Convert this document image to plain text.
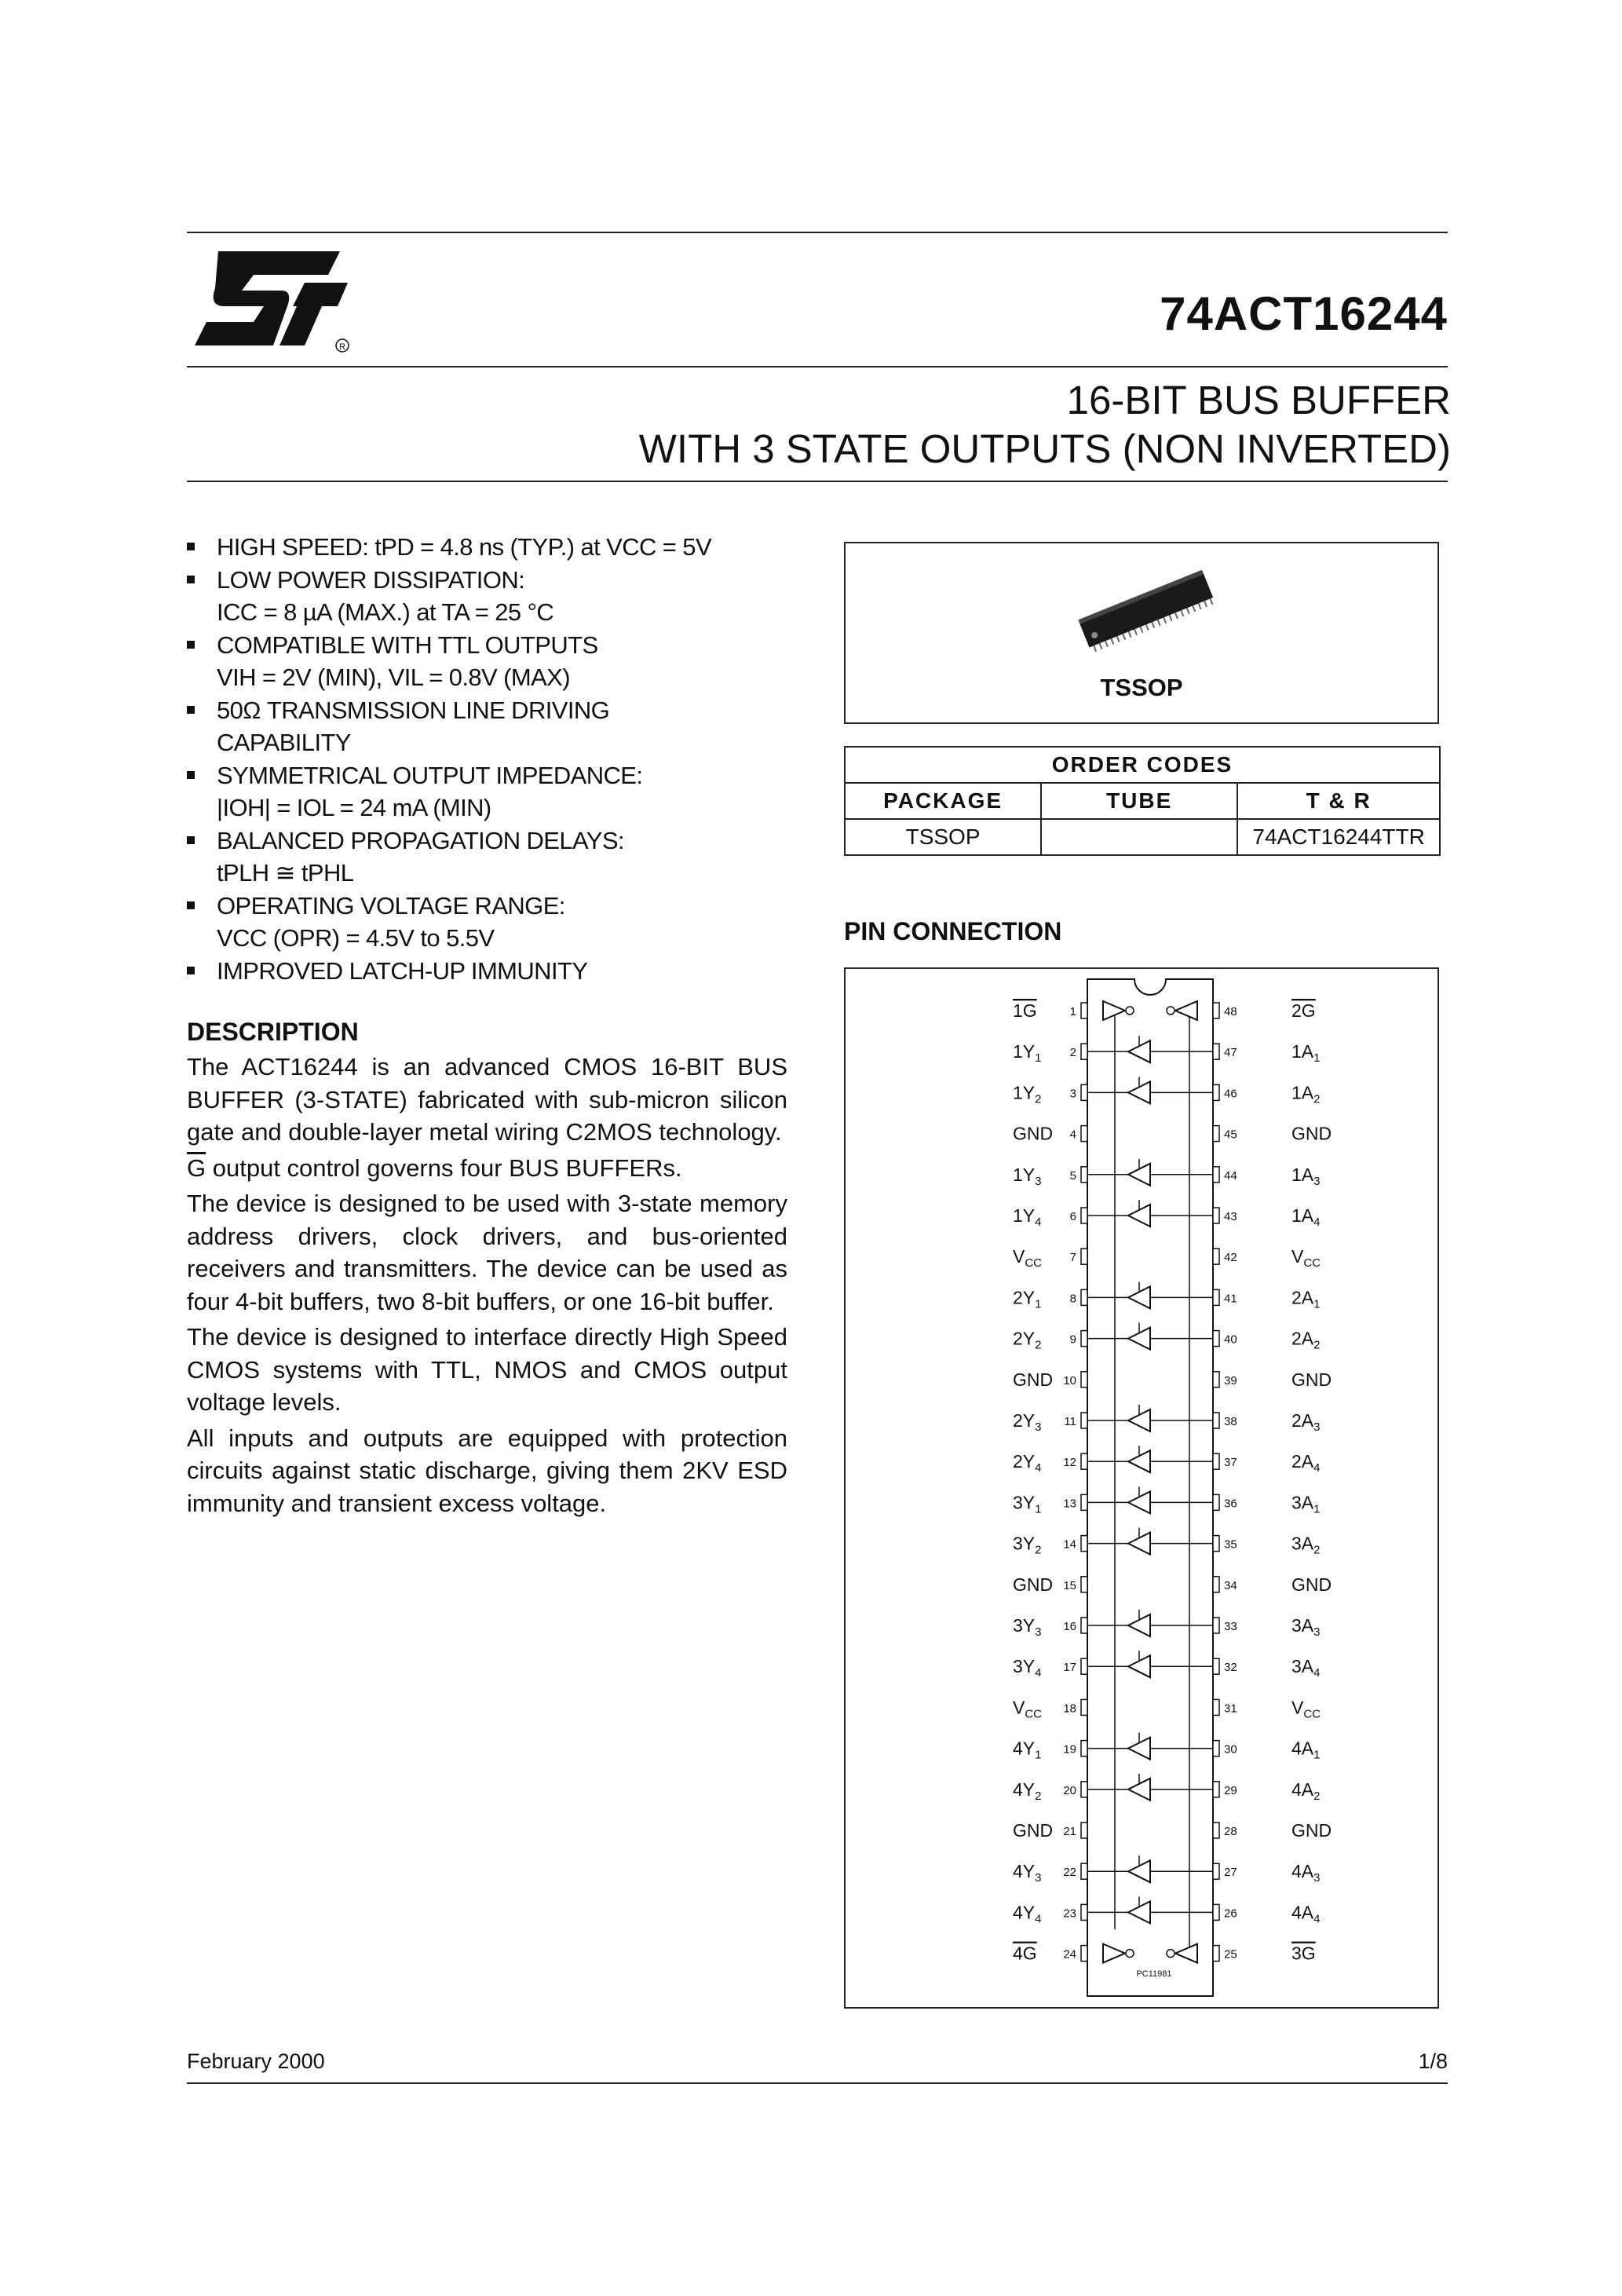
R
74ACT16244
16-BIT BUS BUFFER
WITH 3 STATE OUTPUTS (NON INVERTED)
HIGH SPEED: tPD = 4.8 ns (TYP.) at VCC = 5V
LOW POWER DISSIPATION:
ICC = 8 µA (MAX.) at TA = 25 °C
COMPATIBLE WITH TTL OUTPUTS
VIH = 2V (MIN), VIL = 0.8V (MAX)
50Ω TRANSMISSION LINE DRIVING
CAPABILITY
SYMMETRICAL OUTPUT IMPEDANCE:
|IOH| = IOL = 24 mA (MIN)
BALANCED PROPAGATION DELAYS:
tPLH ≅ tPHL
OPERATING VOLTAGE RANGE:
VCC (OPR) = 4.5V to 5.5V
IMPROVED LATCH-UP IMMUNITY
DESCRIPTION

The ACT16244 is an advanced CMOS 16-BIT BUS BUFFER (3-STATE) fabricated with sub-micron silicon gate and double-layer metal wiring C2MOS technology.

$\overline{G}$ output control governs four BUS BUFFERs.

The device is designed to be used with 3-state memory address drivers, clock drivers, and bus-oriented receivers and transmitters. The device can be used as four 4-bit buffers, two 8-bit buffers, or one 16-bit buffer.

The device is designed to interface directly High Speed CMOS systems with TTL, NMOS and CMOS output voltage levels.

All inputs and outputs are equipped with protection circuits against static discharge, giving them 2KV ESD immunity and transient excess voltage.

TSSOP
ORDER CODES		
PACKAGE	TUBE	T & R
TSSOP		74ACT16244TTR
PIN CONNECTION
1	48
1G	2G
2	47
$1Y_1$	$1A_1$
3	46
$1Y_2$	$1A_2$
4	45
GND	GND
5	44
$1Y_3$	$1A_3$
6	43
$1Y_4$	$1A_4$
7	42
$V_{CC}$	$V_{CC}$
8	41
$2Y_1$	$2A_1$
9	40
$2Y_2$	$2A_2$
10	39
GND	GND
11	38
$2Y_3$	$2A_3$
12	37
$2Y_4$	$2A_4$
13	36
$3Y_1$	$3A_1$
14	35
$3Y_2$	$3A_2$
15	34
GND	GND
16	33
$3Y_3$	$3A_3$
17	32
$3Y_4$	$3A_4$
18	31
$V_{CC}$	$V_{CC}$
19	30
$4Y_1$	$4A_1$
20	29
$4Y_2$	$4A_2$
21	28
GND	GND
22	27
$4Y_3$	$4A_3$
23	26
$4Y_4$	$4A_4$
24	25
4G	3G
PC11981
February 2000	1/8
